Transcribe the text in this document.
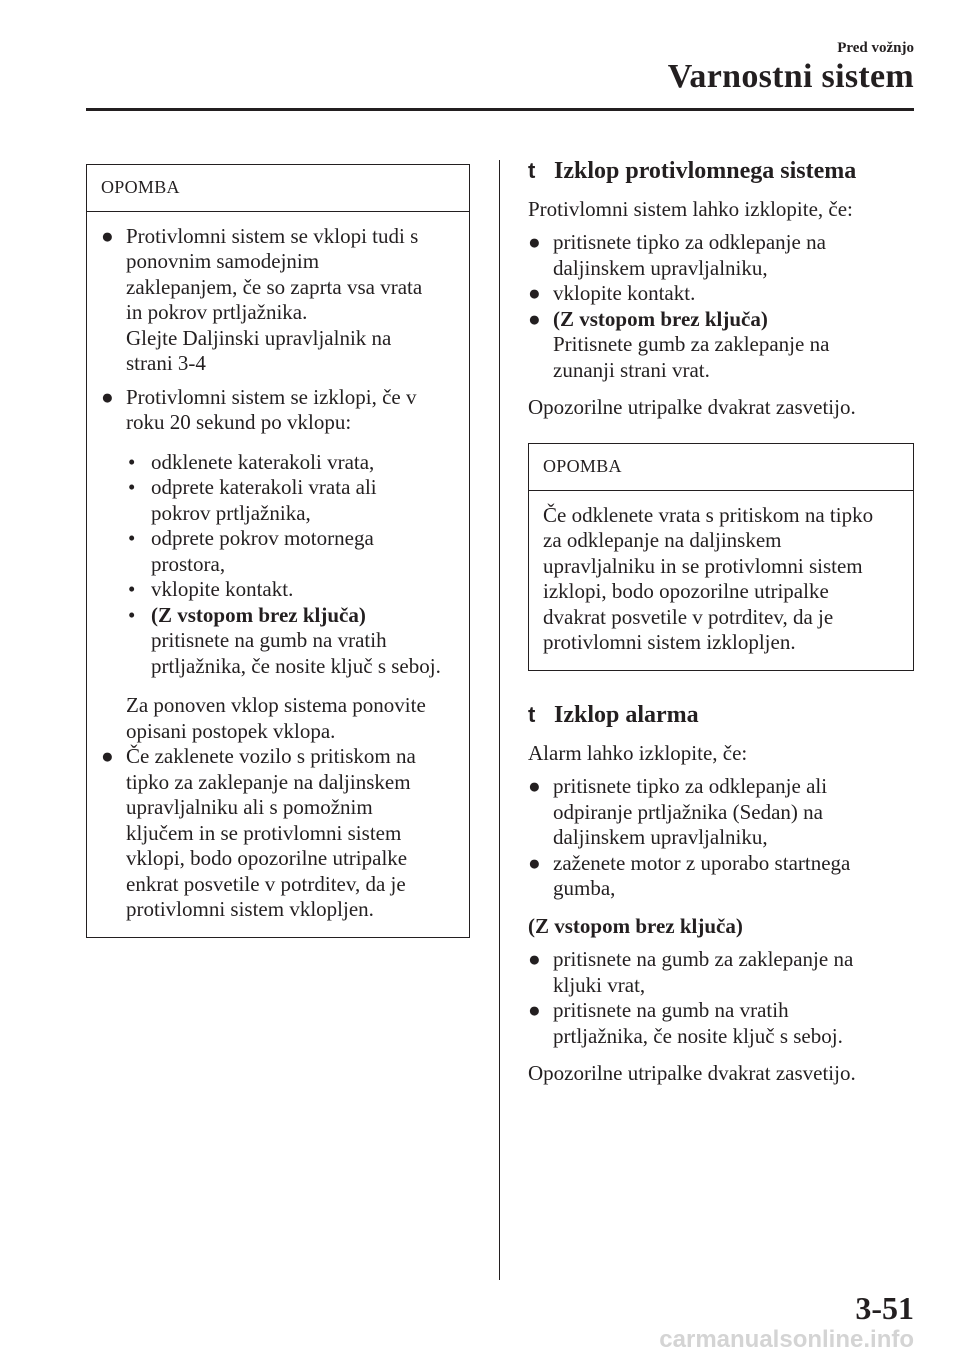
Pred vožnjo
Varnostni sistem
OPOMBA
● Protivlomni sistem se vklopi tudi s
ponovnim samodejnim
zaklepanjem, če so zaprta vsa vrata
in pokrov prtljažnika.
Glejte Daljinski upravljalnik na
strani 3-4
● Protivlomni sistem se izklopi, če v
roku 20 sekund po vklopu:
• odklenete katerakoli vrata,
• odprete katerakoli vrata ali
pokrov prtljažnika,
• odprete pokrov motornega
prostora,
• vklopite kontakt.
• (Z vstopom brez ključa)
pritisnete na gumb na vratih
prtljažnika, če nosite ključ s seboj.
Za ponoven vklop sistema ponovite
opisani postopek vklopa.
● Če zaklenete vozilo s pritiskom na
tipko za zaklepanje na daljinskem
upravljalniku ali s pomožnim
ključem in se protivlomni sistem
vklopi, bodo opozorilne utripalke
enkrat posvetile v potrditev, da je
protivlomni sistem vklopljen.
t Izklop protivlomnega sistema
Protivlomni sistem lahko izklopite, če:
● pritisnete tipko za odklepanje na
daljinskem upravljalniku,
● vklopite kontakt.
● (Z vstopom brez ključa)
Pritisnete gumb za zaklepanje na
zunanji strani vrat.
Opozorilne utripalke dvakrat zasvetijo.
OPOMBA
Če odklenete vrata s pritiskom na tipko
za odklepanje na daljinskem
upravljalniku in se protivlomni sistem
izklopi, bodo opozorilne utripalke
dvakrat posvetile v potrditev, da je
protivlomni sistem izklopljen.
t Izklop alarma
Alarm lahko izklopite, če:
● pritisnete tipko za odklepanje ali
odpiranje prtljažnika (Sedan) na
daljinskem upravljalniku,
● zaženete motor z uporabo startnega
gumba,
(Z vstopom brez ključa)
● pritisnete na gumb za zaklepanje na
kljuki vrat,
● pritisnete na gumb na vratih
prtljažnika, če nosite ključ s seboj.
Opozorilne utripalke dvakrat zasvetijo.
3-51
carmanualsonline.info
